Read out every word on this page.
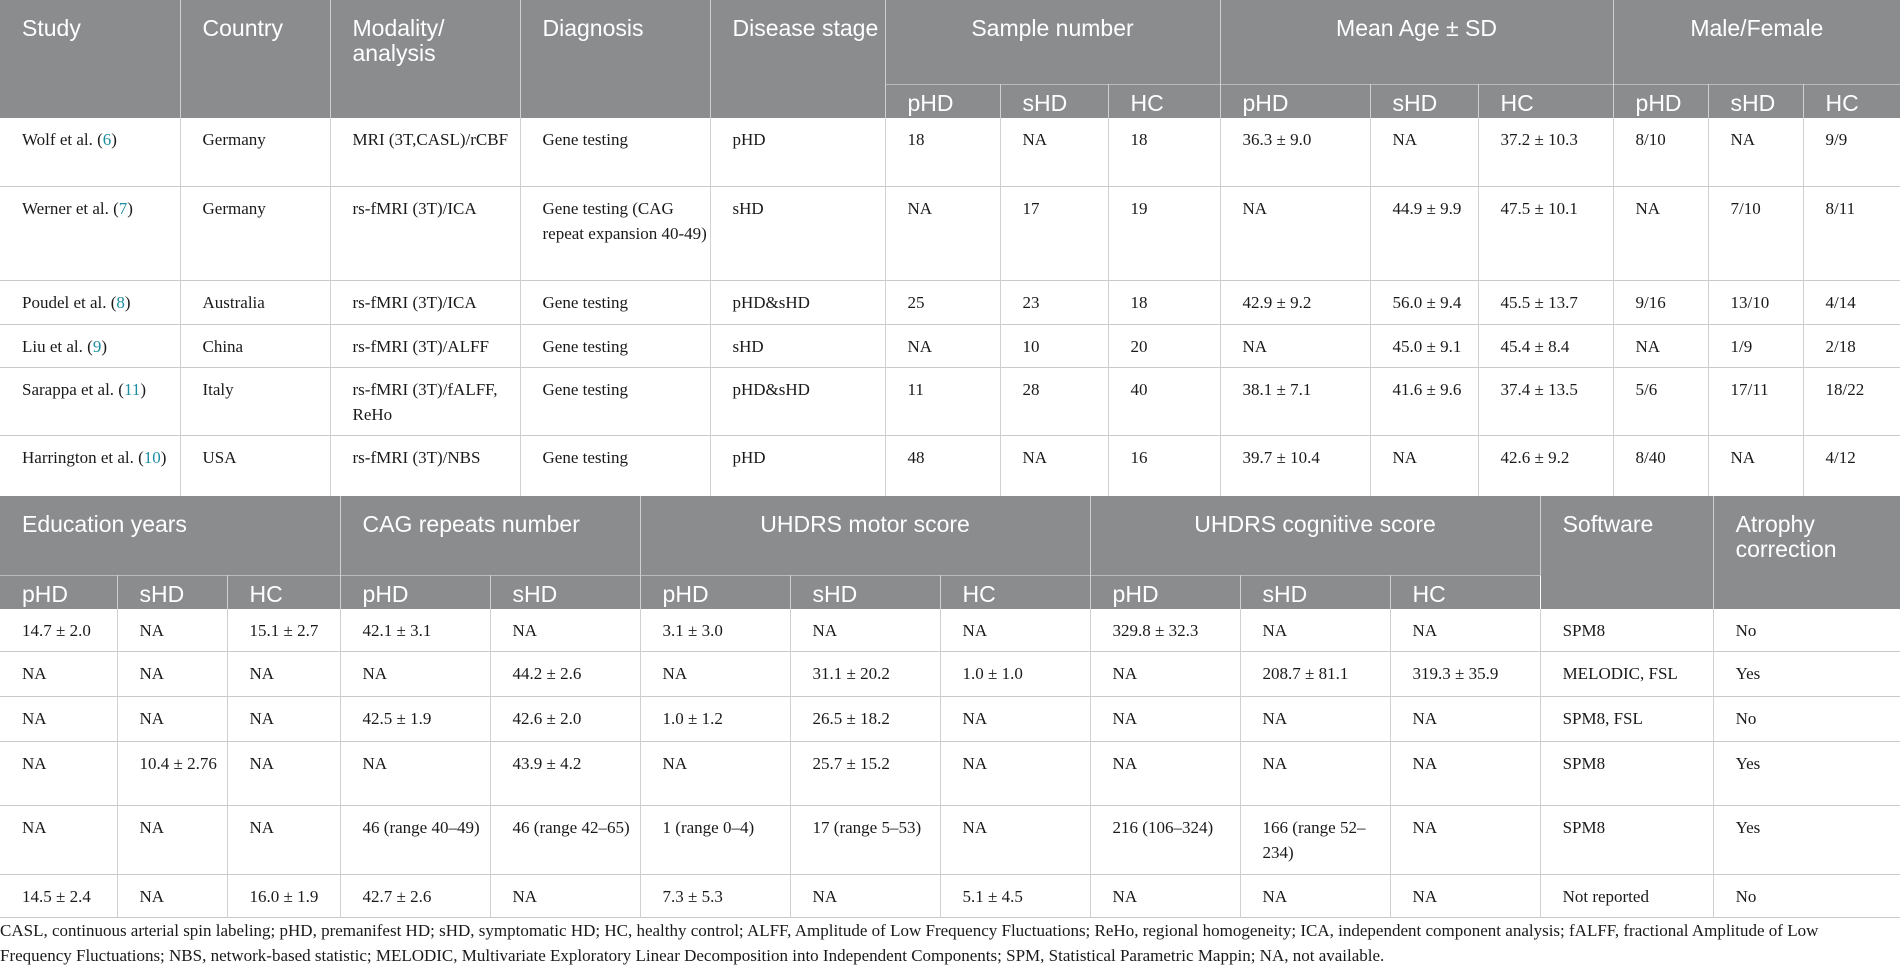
Study	Country	Modality/ analysis	Diagnosis	Disease stage	Sample number			Mean Age ± SD			Male/Female		
					pHD	sHD	HC	pHD	sHD	HC	pHD	sHD	HC
Wolf et al. (6)	Germany	MRI (3T,CASL)/rCBF	Gene testing	pHD	18	NA	18	36.3 ± 9.0	NA	37.2 ± 10.3	8/10	NA	9/9
Werner et al. (7)	Germany	rs-fMRI (3T)/ICA	Gene testing (CAG repeat expansion 40-49)	sHD	NA	17	19	NA	44.9 ± 9.9	47.5 ± 10.1	NA	7/10	8/11
Poudel et al. (8)	Australia	rs-fMRI (3T)/ICA	Gene testing	pHD&sHD	25	23	18	42.9 ± 9.2	56.0 ± 9.4	45.5 ± 13.7	9/16	13/10	4/14
Liu et al. (9)	China	rs-fMRI (3T)/ALFF	Gene testing	sHD	NA	10	20	NA	45.0 ± 9.1	45.4 ± 8.4	NA	1/9	2/18
Sarappa et al. (11)	Italy	rs-fMRI (3T)/fALFF, ReHo	Gene testing	pHD&sHD	11	28	40	38.1 ± 7.1	41.6 ± 9.6	37.4 ± 13.5	5/6	17/11	18/22
Harrington et al. (10)	USA	rs-fMRI (3T)/NBS	Gene testing	pHD	48	NA	16	39.7 ± 10.4	NA	42.6 ± 9.2	8/40	NA	4/12
Education years			CAG repeats number		UHDRS motor score			UHDRS cognitive score			Software	Atrophy correction
pHD	sHD	HC	pHD	sHD	pHD	sHD	HC	pHD	sHD	HC		
14.7 ± 2.0	NA	15.1 ± 2.7	42.1 ± 3.1	NA	3.1 ± 3.0	NA	NA	329.8 ± 32.3	NA	NA	SPM8	No
NA	NA	NA	NA	44.2 ± 2.6	NA	31.1 ± 20.2	1.0 ± 1.0	NA	208.7 ± 81.1	319.3 ± 35.9	MELODIC, FSL	Yes
NA	NA	NA	42.5 ± 1.9	42.6 ± 2.0	1.0 ± 1.2	26.5 ± 18.2	NA	NA	NA	NA	SPM8, FSL	No
NA	10.4 ± 2.76	NA	NA	43.9 ± 4.2	NA	25.7 ± 15.2	NA	NA	NA	NA	SPM8	Yes
NA	NA	NA	46 (range 40–49)	46 (range 42–65)	1 (range 0–4)	17 (range 5–53)	NA	216 (106–324)	166 (range 52–234)	NA	SPM8	Yes
14.5 ± 2.4	NA	16.0 ± 1.9	42.7 ± 2.6	NA	7.3 ± 5.3	NA	5.1 ± 4.5	NA	NA	NA	Not reported	No
CASL, continuous arterial spin labeling; pHD, premanifest HD; sHD, symptomatic HD; HC, healthy control; ALFF, Amplitude of Low Frequency Fluctuations; ReHo, regional homogeneity; ICA, independent component analysis; fALFF, fractional Amplitude of Low Frequency Fluctuations; NBS, network-based statistic; MELODIC, Multivariate Exploratory Linear Decomposition into Independent Components; SPM, Statistical Parametric Mappin; NA, not available.
